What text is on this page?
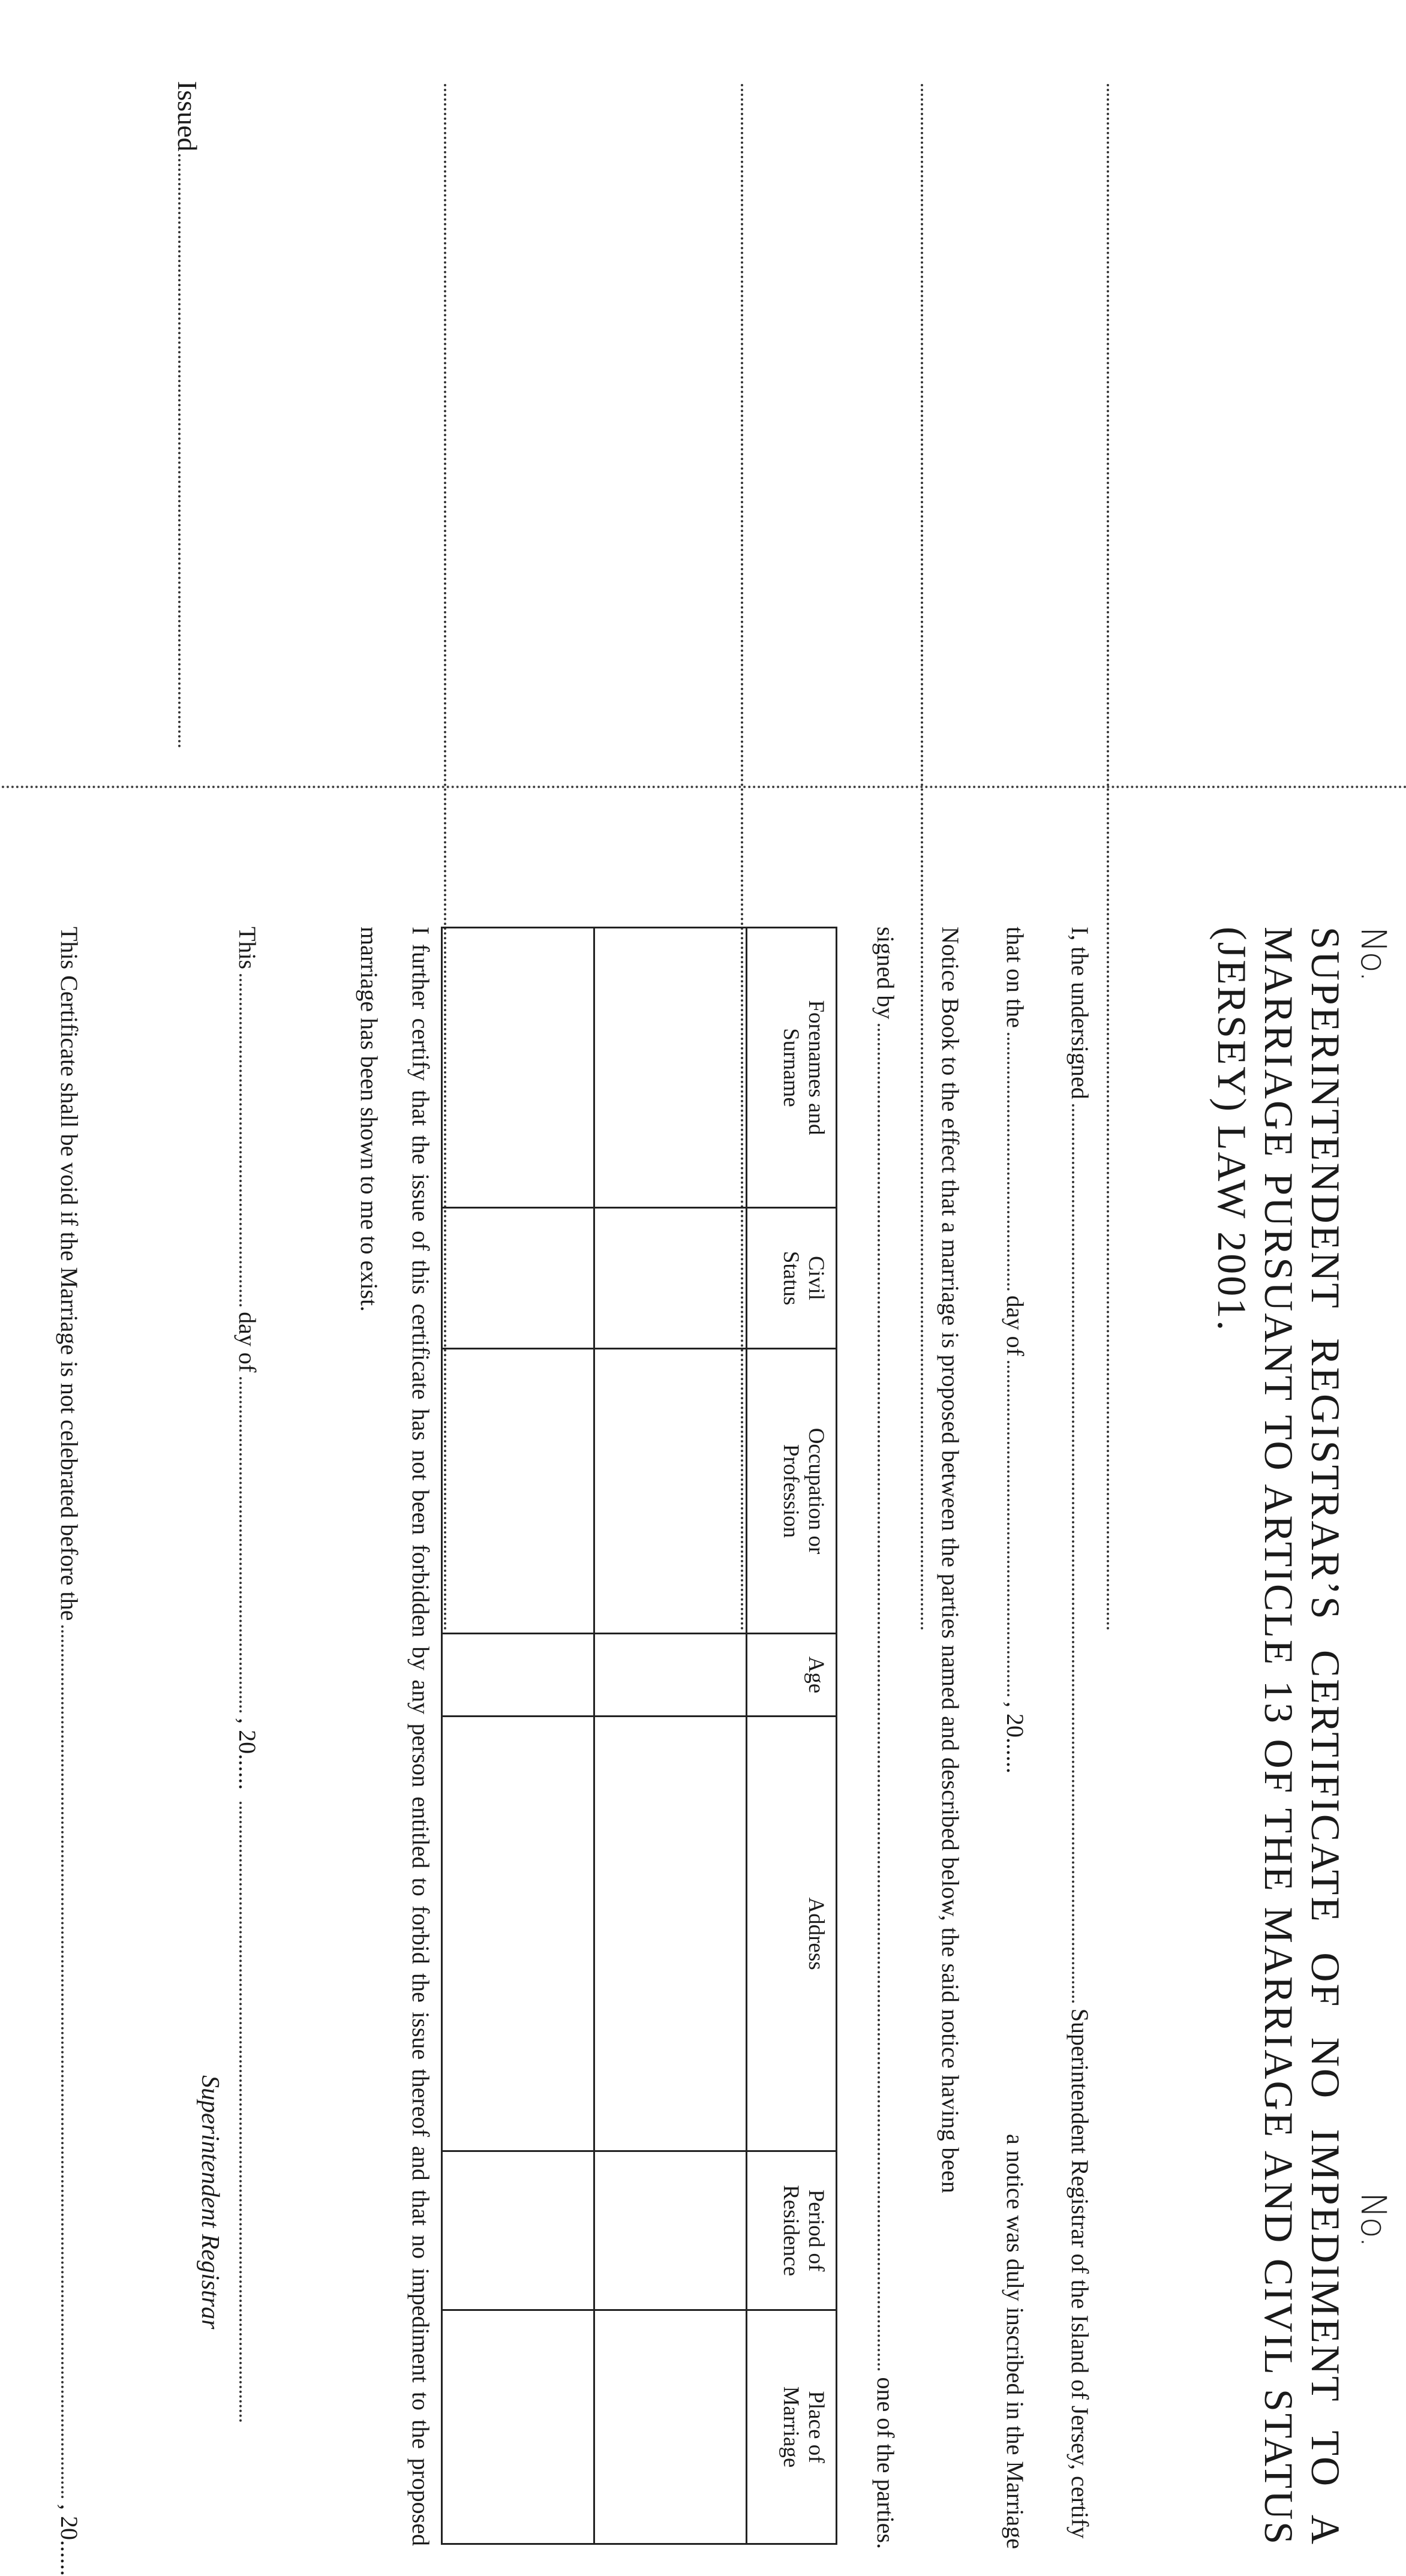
No.
Issued
No.
SUPERINTENDENT REGISTRAR’S CERTIFICATE OF NO IMPEDIMENT TO A MARRIAGE PURSUANT TO ARTICLE 13 OF THE MARRIAGE AND CIVIL STATUS (JERSEY) LAW 2001.
I, the undersigned
Superintendent Registrar of the Island of Jersey, certify
that on the
day of
, 20......
a notice was duly inscribed in the Marriage
Notice Book to the effect that a marriage is proposed between the parties named and described below, the said notice having been
signed by
one of the parties.
Forenames and Surname	Civil Status	Occupation or Profession	Age	Address	Period of Residence	Place of Marriage

I further certify that the issue of this certificate has not been forbidden by any person entitled to forbid the issue thereof and that no impediment to the proposed marriage has been shown to me to exist.
This
day of
, 20......
Superintendent Registrar
This Certificate shall be void if the Marriage is not celebrated before the
, 20......
